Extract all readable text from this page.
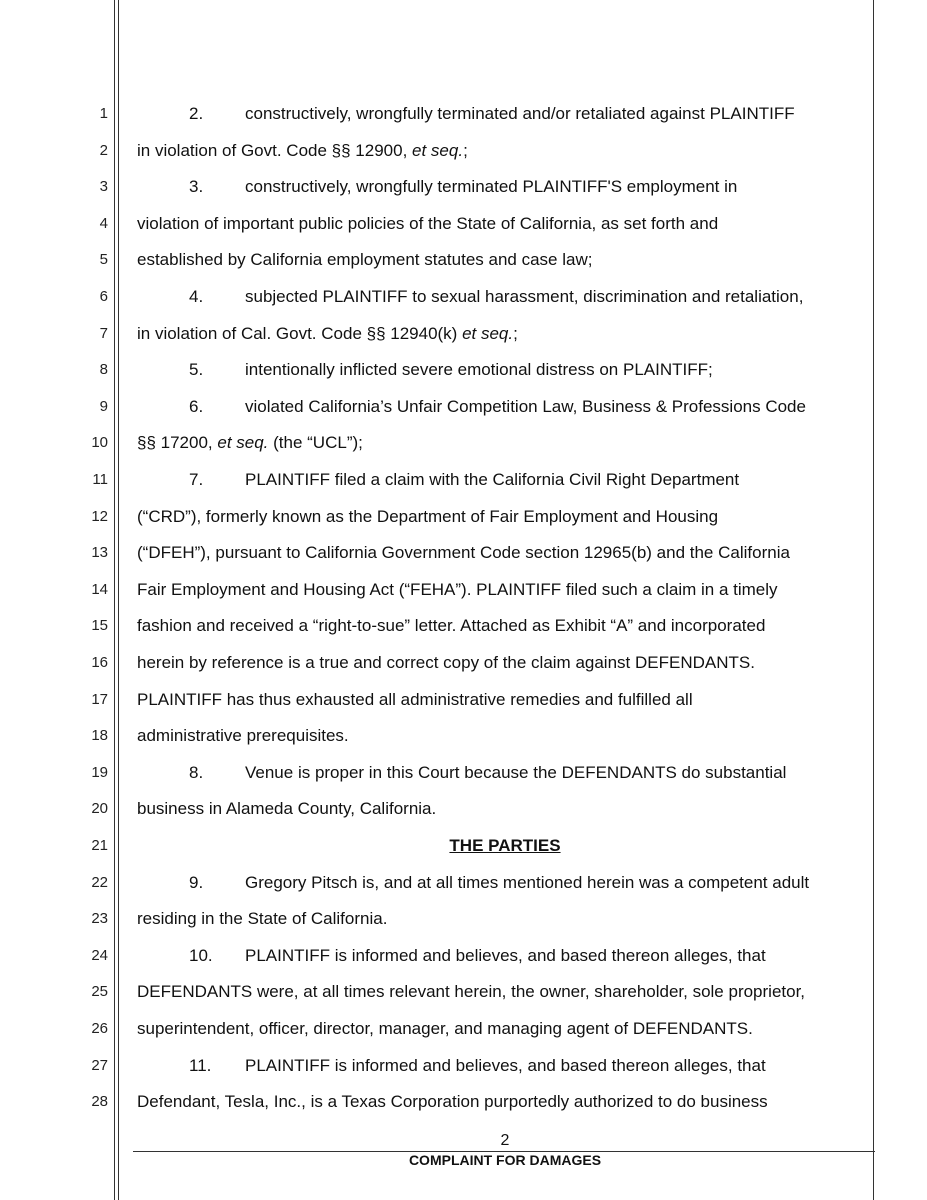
1
2
3
4
5
6
7
8
9
10
11
12
13
14
15
16
17
18
19
20
21
22
23
24
25
26
27
28
2. constructively, wrongfully terminated and/or retaliated against PLAINTIFF
in violation of Govt. Code §§ 12900, et seq.;
3. constructively, wrongfully terminated PLAINTIFF'S employment in
violation of important public policies of the State of California, as set forth and
established by California employment statutes and case law;
4. subjected PLAINTIFF to sexual harassment, discrimination and retaliation,
in violation of Cal. Govt. Code §§ 12940(k) et seq.;
5. intentionally inflicted severe emotional distress on PLAINTIFF;
6. violated California’s Unfair Competition Law, Business & Professions Code
§§ 17200, et seq. (the “UCL”);
7. PLAINTIFF filed a claim with the California Civil Right Department
(“CRD”), formerly known as the Department of Fair Employment and Housing
(“DFEH”), pursuant to California Government Code section 12965(b) and the California
Fair Employment and Housing Act (“FEHA”). PLAINTIFF filed such a claim in a timely
fashion and received a “right-to-sue” letter. Attached as Exhibit “A” and incorporated
herein by reference is a true and correct copy of the claim against DEFENDANTS.
PLAINTIFF has thus exhausted all administrative remedies and fulfilled all
administrative prerequisites.
8. Venue is proper in this Court because the DEFENDANTS do substantial
business in Alameda County, California.
THE PARTIES
9. Gregory Pitsch is, and at all times mentioned herein was a competent adult
residing in the State of California.
10. PLAINTIFF is informed and believes, and based thereon alleges, that
DEFENDANTS were, at all times relevant herein, the owner, shareholder, sole proprietor,
superintendent, officer, director, manager, and managing agent of DEFENDANTS.
11. PLAINTIFF is informed and believes, and based thereon alleges, that
Defendant, Tesla, Inc., is a Texas Corporation purportedly authorized to do business
2
COMPLAINT FOR DAMAGES
